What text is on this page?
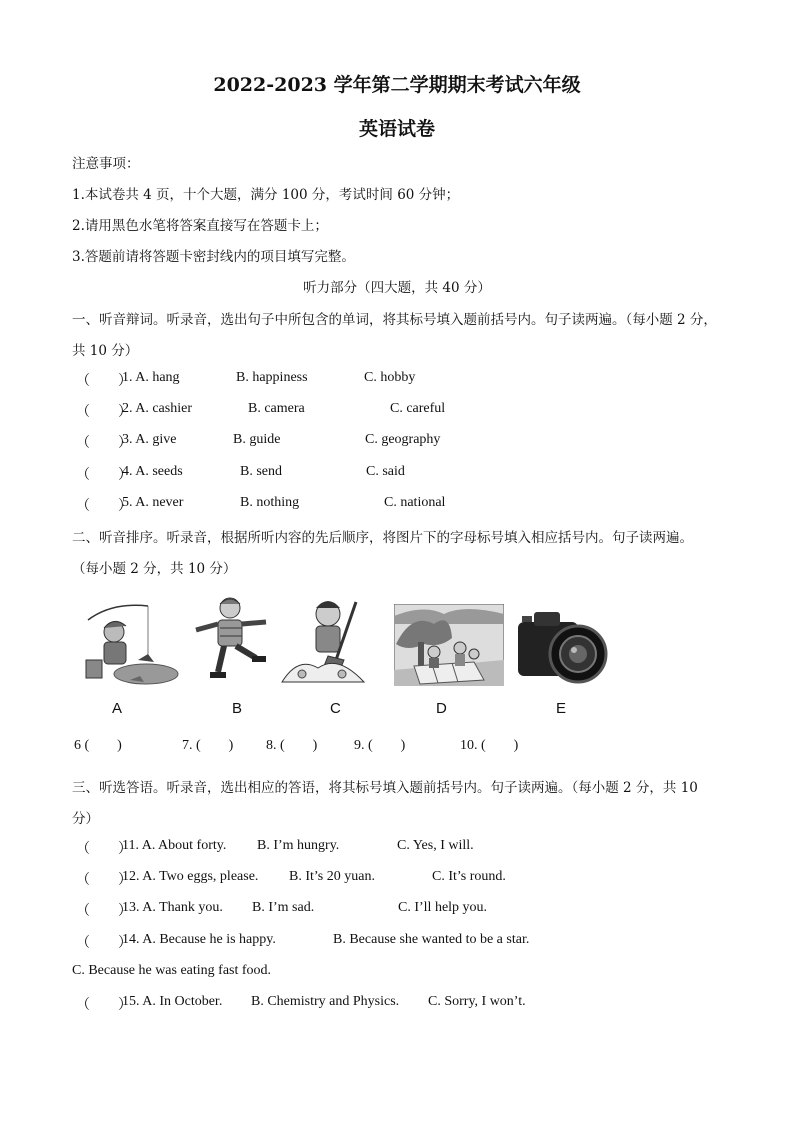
2022-2023 学年第二学期期末考试六年级
英语试卷
注意事项：
1.本试卷共 4 页，十个大题，满分 100 分，考试时间 60 分钟；
2.请用黑色水笔将答案直接写在答题卡上；
3.答题前请将答题卡密封线内的项目填写完整。
听力部分（四大题，共 40 分）
一、听音辩词。听录音，选出句子中所包含的单词，将其标号填入题前括号内。句子读两遍。（每小题 2 分，
共 10 分）
（　　）
1. A. hang	B. happiness	C. hobby
（　　）
2. A. cashier	B. camera	C. careful
（　　）
3. A. give	B. guide	C. geography
（　　）
4. A. seeds	B. send	C. said
（　　）
5. A. never	B. nothing	C. national
二、听音排序。听录音，根据所听内容的先后顺序，将图片下的字母标号填入相应括号内。句子读两遍。
（每小题 2 分，共 10 分）
A	B	C	D	E
6 (　　)	7. (　　) 8. (　　)	9. (　　)	10. (　　)
三、听选答语。听录音，选出相应的答语，将其标号填入题前括号内。句子读两遍。（每小题 2 分，共 10
分）
（　　）
11. A. About forty. B. I’m hungry.	C. Yes, I will.
（　　）
12. A. Two eggs, please. B. It’s 20 yuan.	C. It’s round.
（　　）
13. A. Thank you. B. I’m sad.	C. I’ll help you.
（　　）
14. A. Because he is happy.	B. Because she wanted to be a star.
C. Because he was eating fast food.
（　　）
15. A. In October. B. Chemistry and Physics. C. Sorry, I won’t.
